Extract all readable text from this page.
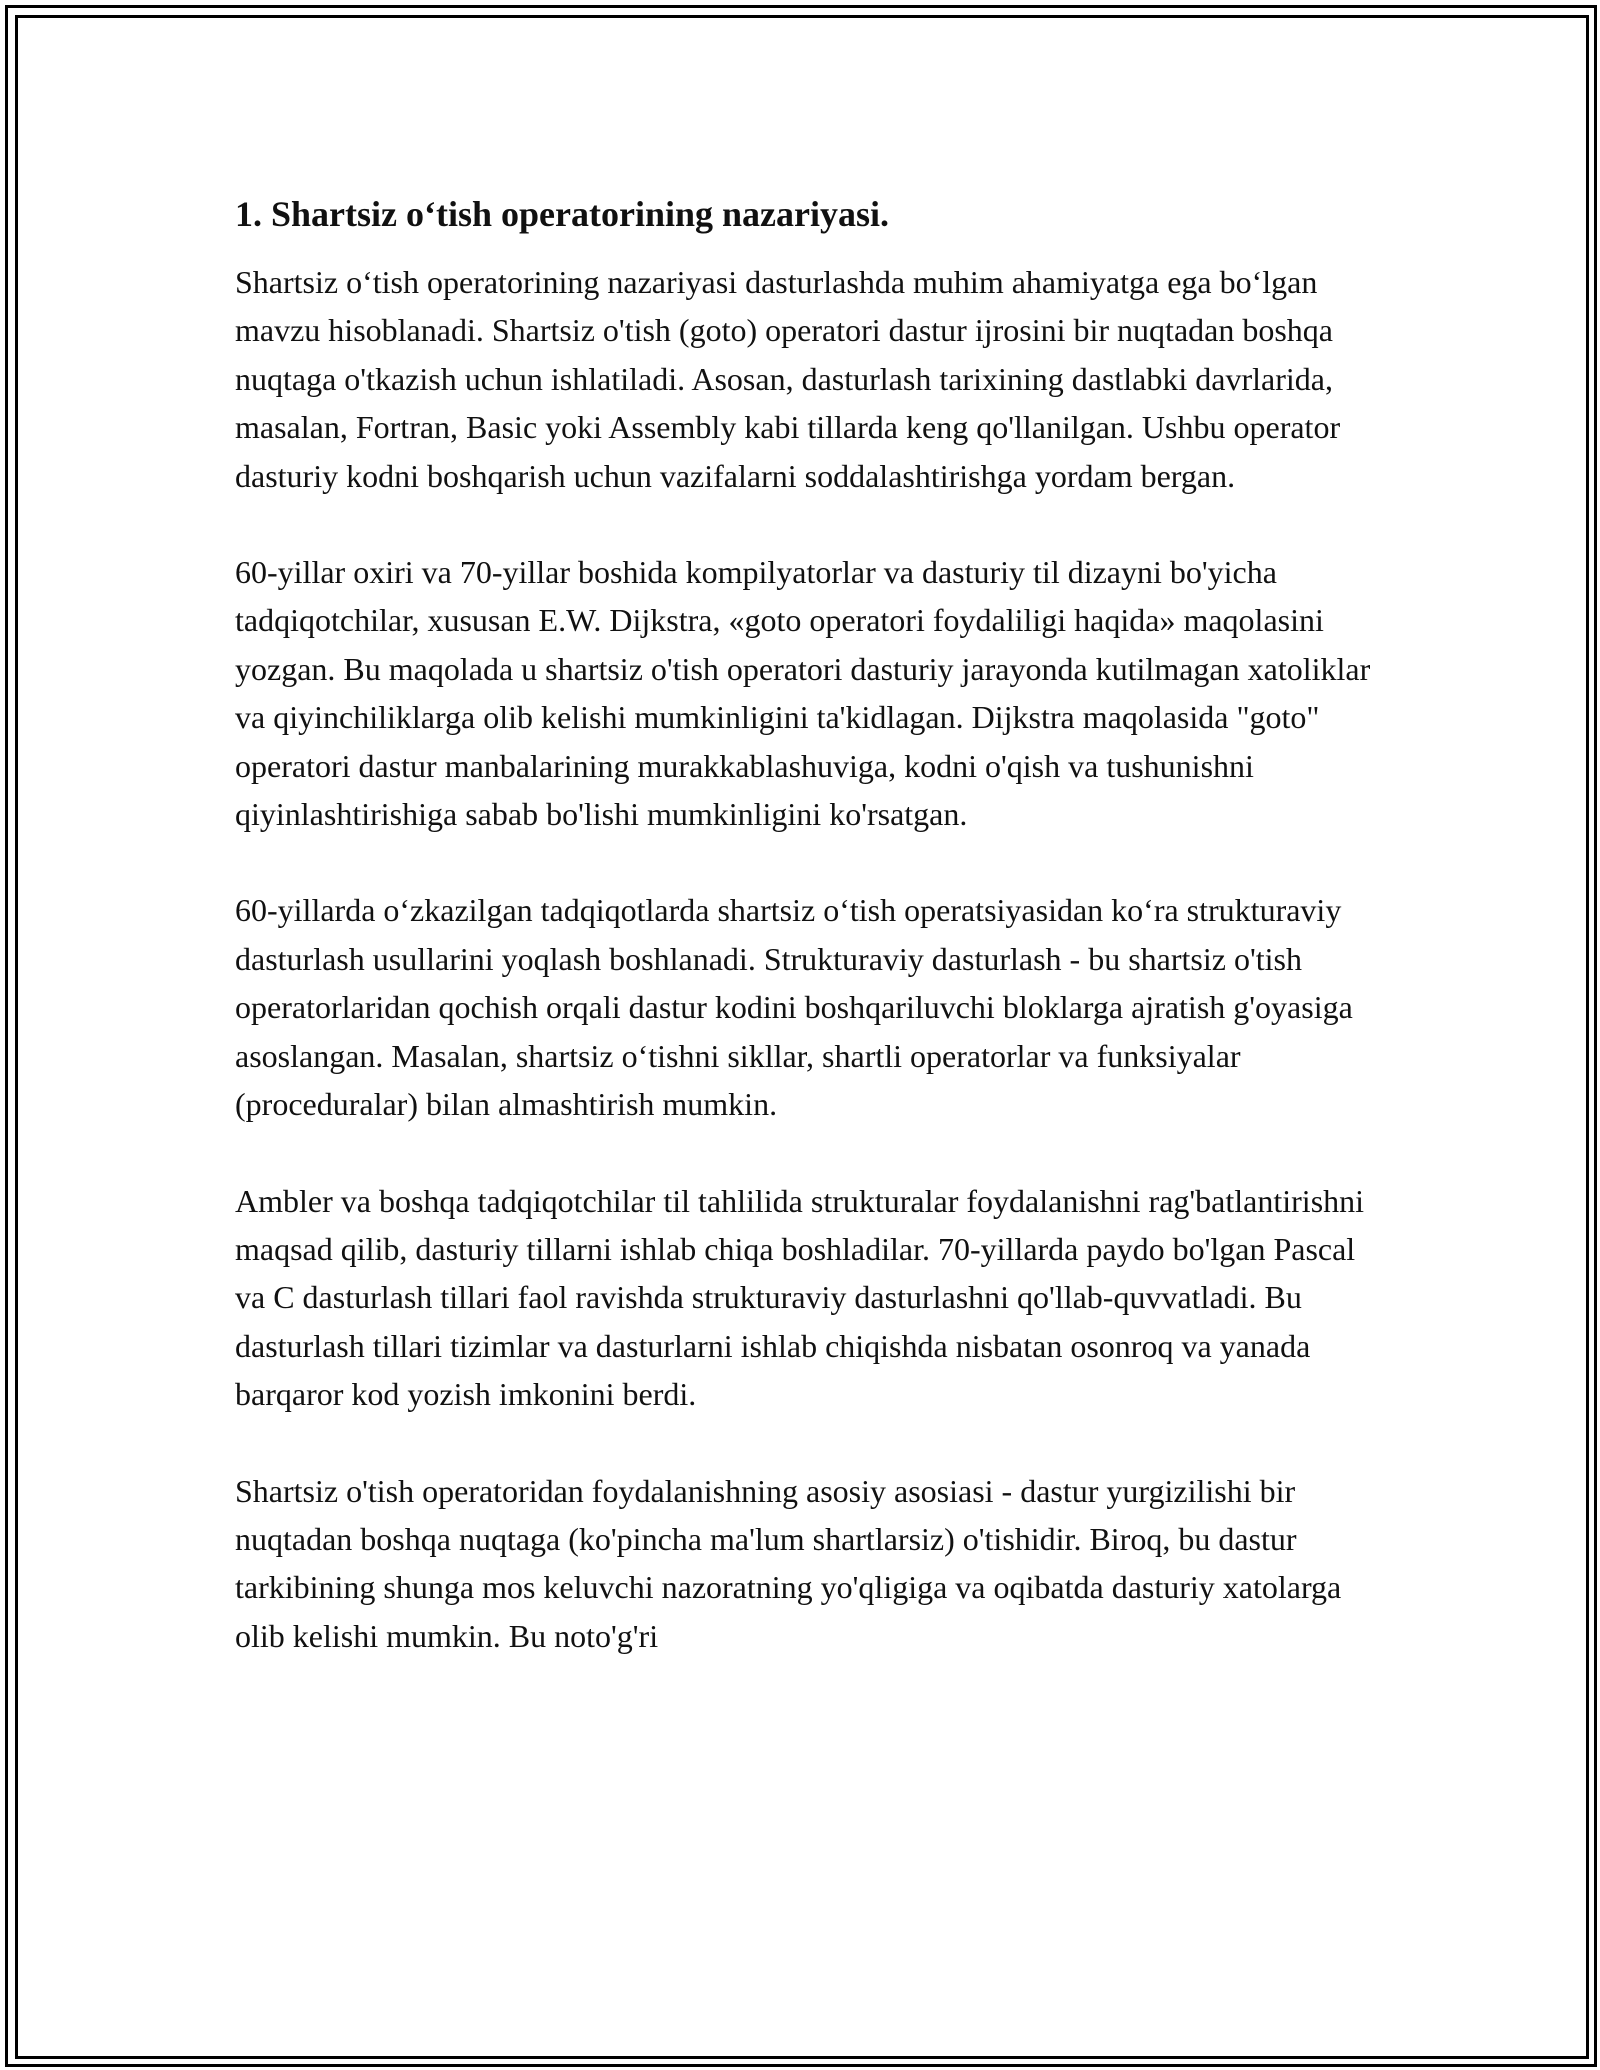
1. Shartsiz o‘tish operatorining nazariyasi.

Shartsiz o‘tish operatorining nazariyasi dasturlashda muhim ahamiyatga ega bo‘lgan mavzu hisoblanadi. Shartsiz o'tish (goto) operatori dastur ijrosini bir nuqtadan boshqa nuqtaga o'tkazish uchun ishlatiladi. Asosan, dasturlash tarixining dastlabki davrlarida, masalan, Fortran, Basic yoki Assembly kabi tillarda keng qo'llanilgan. Ushbu operator dasturiy kodni boshqarish uchun vazifalarni soddalashtirishga yordam bergan.

60-yillar oxiri va 70-yillar boshida kompilyatorlar va dasturiy til dizayni bo'yicha tadqiqotchilar, xususan E.W. Dijkstra, «goto operatori foydaliligi haqida» maqolasini yozgan. Bu maqolada u shartsiz o'tish operatori dasturiy jarayonda kutilmagan xatoliklar va qiyinchiliklarga olib kelishi mumkinligini ta'kidlagan. Dijkstra maqolasida "goto" operatori dastur manbalarining murakkablashuviga, kodni o'qish va tushunishni qiyinlashtirishiga sabab bo'lishi mumkinligini ko'rsatgan.

60-yillarda o‘zkazilgan tadqiqotlarda shartsiz o‘tish operatsiyasidan ko‘ra strukturaviy dasturlash usullarini yoqlash boshlanadi. Strukturaviy dasturlash - bu shartsiz o'tish operatorlaridan qochish orqali dastur kodini boshqariluvchi bloklarga ajratish g'oyasiga asoslangan. Masalan, shartsiz o‘tishni sikllar, shartli operatorlar va funksiyalar (proceduralar) bilan almashtirish mumkin.

Ambler va boshqa tadqiqotchilar til tahlilida strukturalar foydalanishni rag'batlantirishni maqsad qilib, dasturiy tillarni ishlab chiqa boshladilar. 70-yillarda paydo bo'lgan Pascal va C dasturlash tillari faol ravishda strukturaviy dasturlashni qo'llab-quvvatladi. Bu dasturlash tillari tizimlar va dasturlarni ishlab chiqishda nisbatan osonroq va yanada barqaror kod yozish imkonini berdi.

Shartsiz o'tish operatoridan foydalanishning asosiy asosiasi - dastur yurgizilishi bir nuqtadan boshqa nuqtaga (ko'pincha ma'lum shartlarsiz) o'tishidir. Biroq, bu dastur tarkibining shunga mos keluvchi nazoratning yo'qligiga va oqibatda dasturiy xatolarga olib kelishi mumkin. Bu noto'g'ri
